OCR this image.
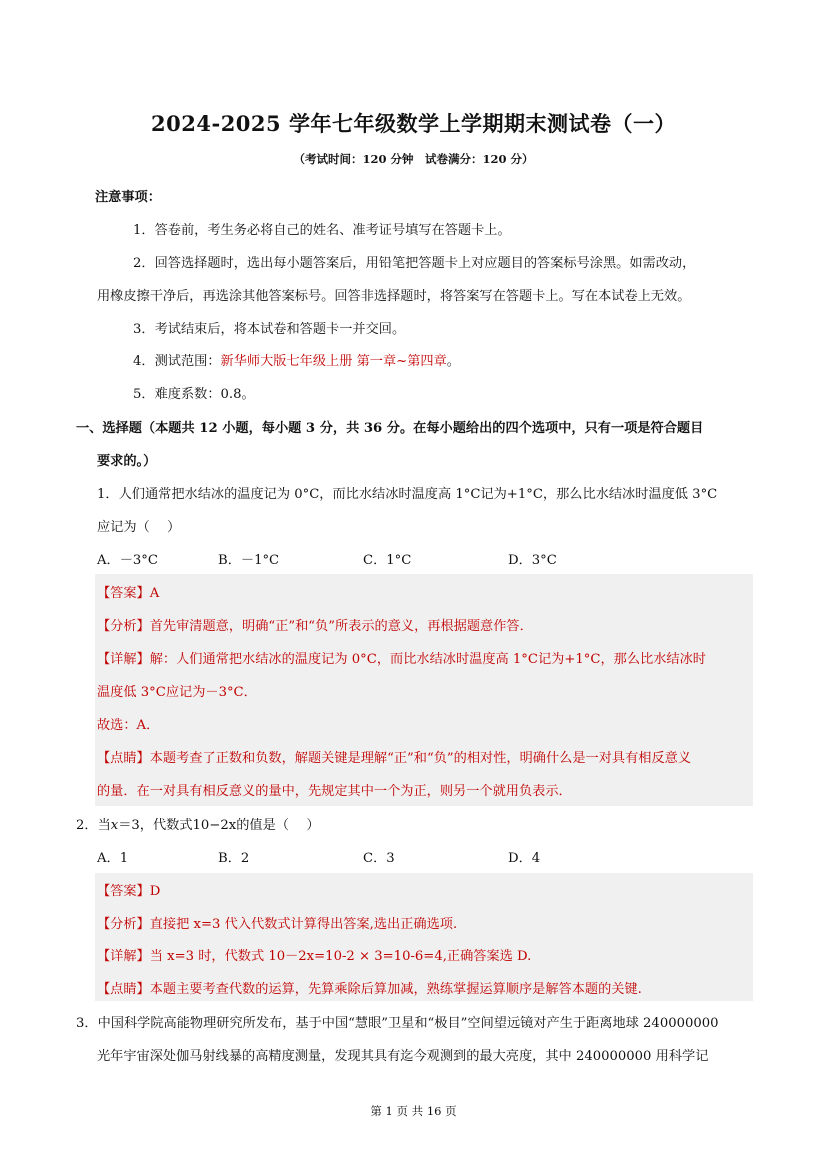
2024-2025 学年七年级数学上学期期末测试卷（一）
（考试时间：120 分钟　试卷满分：120 分）
注意事项：
1．答卷前，考生务必将自己的姓名、准考证号填写在答题卡上。
2．回答选择题时，选出每小题答案后，用铅笔把答题卡上对应题目的答案标号涂黑。如需改动，
用橡皮擦干净后，再选涂其他答案标号。回答非选择题时，将答案写在答题卡上。写在本试卷上无效。
3．考试结束后，将本试卷和答题卡一并交回。
4．测试范围：新华师大版七年级上册 第一章~第四章。
5．难度系数：0.8。
一、选择题（本题共 12 小题，每小题 3 分，共 36 分。在每小题给出的四个选项中，只有一项是符合题目
要求的。）
1．人们通常把水结冰的温度记为 0°C，而比水结冰时温度高 1°C记为+1°C，那么比水结冰时温度低 3°C
应记为（　 ）
A．－3°C	B．－1°C	C．1°C	D．3°C
【答案】A
【分析】首先审清题意，明确“正”和“负”所表示的意义，再根据题意作答．
【详解】解：人们通常把水结冰的温度记为 0°C，而比水结冰时温度高 1°C记为+1°C，那么比水结冰时
温度低 3°C应记为－3°C．
故选：A．
【点睛】本题考查了正数和负数，解题关键是理解“正”和“负”的相对性，明确什么是一对具有相反意义
的量．在一对具有相反意义的量中，先规定其中一个为正，则另一个就用负表示．
2．当x＝3，代数式10−2x的值是（　 ）
A．1	B．2	C．3	D．4
【答案】D
【分析】直接把 x=3 代入代数式计算得出答案,选出正确选项.
【详解】当 x=3 时，代数式 10－2x=10-2 × 3=10-6=4,正确答案选 D.
【点睛】本题主要考查代数的运算，先算乘除后算加减，熟练掌握运算顺序是解答本题的关键.
3．中国科学院高能物理研究所发布，基于中国“慧眼”卫星和“极目”空间望远镜对产生于距离地球 240000000
光年宇宙深处伽马射线暴的高精度测量，发现其具有迄今观测到的最大亮度，其中 240000000 用科学记
第 1 页 共 16 页
